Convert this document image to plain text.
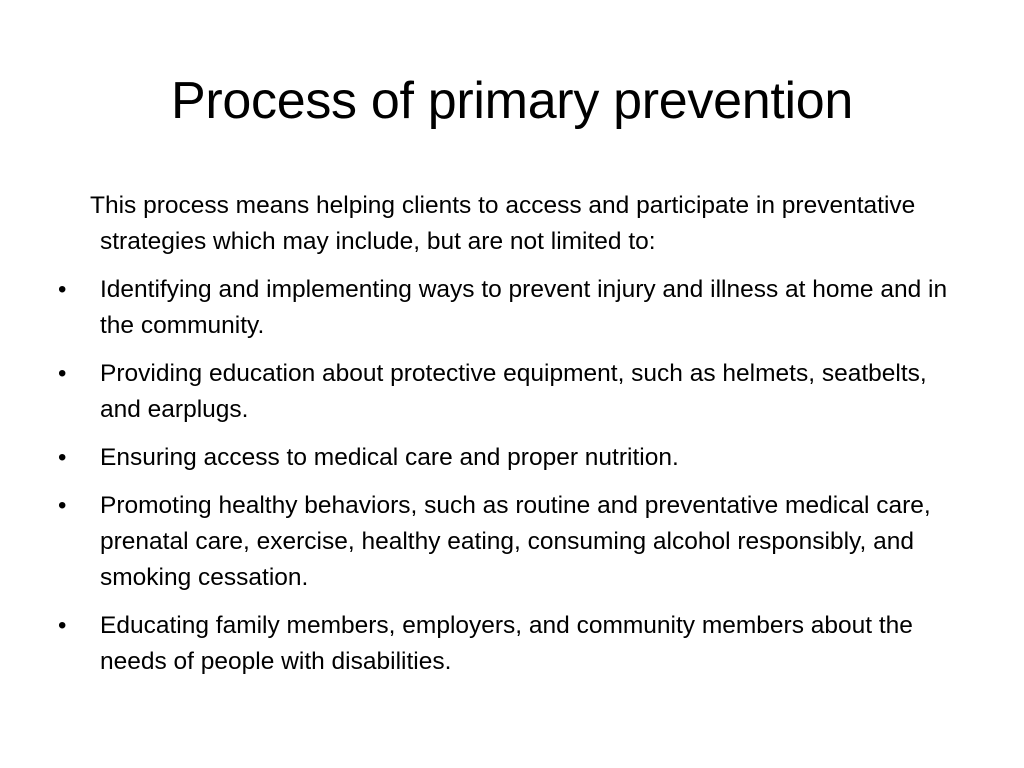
Process of primary prevention

This process means helping clients to access and participate in preventative strategies which may include, but are not limited to:

•	Identifying and implementing ways to prevent injury and illness at home and in the community.
•	Providing education about protective equipment, such as helmets, seatbelts, and earplugs.
•	Ensuring access to medical care and proper nutrition.
•	Promoting healthy behaviors, such as routine and preventative medical care, prenatal care, exercise, healthy eating, consuming alcohol responsibly, and smoking cessation.
•	Educating family members, employers, and community members about the needs of people with disabilities.
